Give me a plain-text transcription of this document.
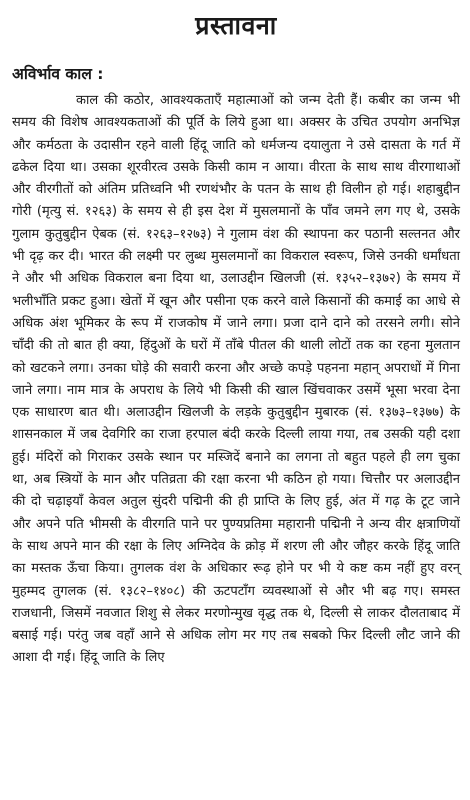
प्रस्तावना
अविर्भाव काल :

काल की कठोर, आवश्यकताएँ महात्माओं को जन्म देती हैं। कबीर का जन्म भी समय की विशेष आवश्यकताओं की पूर्ति के लिये हुआ था। अक्सर के उचित उपयोग अनभिज्ञ और कर्मठता के उदासीन रहने वाली हिंदू जाति को धर्मजन्य दयालुता ने उसे दासता के गर्त में ढकेल दिया था। उसका शूरवीरत्व उसके किसी काम न आया। वीरता के साथ साथ वीरगाथाओं और वीरगीतों को अंतिम प्रतिध्वनि भी रणथंभौर के पतन के साथ ही विलीन हो गई। शहाबुद्दीन गोरी (मृत्यु सं. १२६३) के समय से ही इस देश में मुसलमानों के पाँव जमने लग गए थे, उसके गुलाम कुतुबुद्दीन ऐबक (सं. १२६३–१२७३) ने गुलाम वंश की स्थापना कर पठानी सल्तनत और भी दृढ़ कर दी। भारत की लक्ष्मी पर लुब्ध मुसलमानों का विकराल स्वरूप, जिसे उनकी धर्मांधता ने और भी अधिक विकराल बना दिया था, उलाउद्दीन खिलजी (सं. १३५२–१३७२) के समय में भलीभाँति प्रकट हुआ। खेतों में खून और पसीना एक करने वाले किसानों की कमाई का आधे से अधिक अंश भूमिकर के रूप में राजकोष में जाने लगा। प्रजा दाने दाने को तरसने लगी। सोने चाँदी की तो बात ही क्या, हिंदुओं के घरों में ताँबे पीतल की थाली लोटों तक का रहना मुलतान को खटकने लगा। उनका घोड़े की सवारी करना और अच्छे कपड़े पहनना महान् अपराधों में गिना जाने लगा। नाम मात्र के अपराध के लिये भी किसी की खाल खिंचवाकर उसमें भूसा भरवा देना एक साधारण बात थी। अलाउद्दीन खिलजी के लड़के कुतुबुद्दीन मुबारक (सं. १३७३–१३७७) के शासनकाल में जब देवगिरि का राजा हरपाल बंदी करके दिल्ली लाया गया, तब उसकी यही दशा हुई। मंदिरों को गिराकर उसके स्थान पर मस्जिदें बनाने का लगना तो बहुत पहले ही लग चुका था, अब स्त्रियों के मान और पतिव्रता की रक्षा करना भी कठिन हो गया। चित्तौर पर अलाउद्दीन की दो चढ़ाइयाँ केवल अतुल सुंदरी पद्मिनी की ही प्राप्ति के लिए हुई, अंत में गढ़ के टूट जाने और अपने पति भीमसी के वीरगति पाने पर पुण्यप्रतिमा महारानी पद्मिनी ने अन्य वीर क्षत्राणियों के साथ अपने मान की रक्षा के लिए अग्निदेव के क्रोड़ में शरण ली और जौहर करके हिंदू जाति का मस्तक ऊँचा किया। तुगलक वंश के अधिकार रूढ़ होने पर भी ये कष्ट कम नहीं हुए वरन् मुहम्मद तुगलक (सं. १३८२–१४०८) की ऊटपटाँग व्यवस्थाओं से और भी बढ़ गए। समस्त राजधानी, जिसमें नवजात शिशु से लेकर मरणोन्मुख वृद्ध तक थे, दिल्ली से लाकर दौलताबाद में बसाई गई। परंतु जब वहाँ आने से अधिक लोग मर गए तब सबको फिर दिल्ली लौट जाने की आशा दी गई। हिंदू जाति के लिए
